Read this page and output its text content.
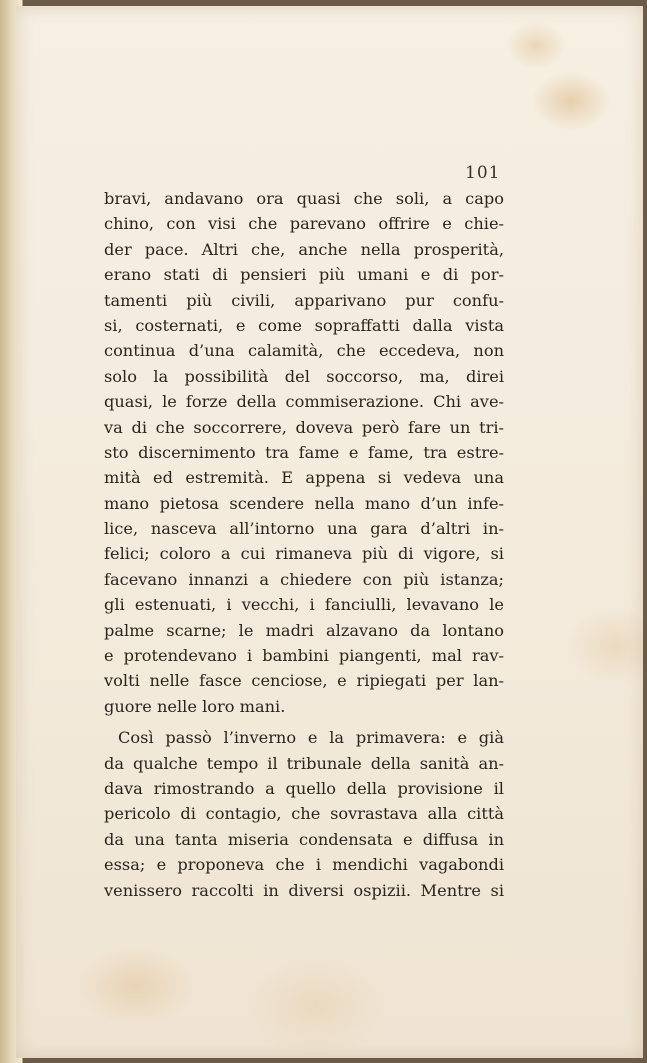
101
bravi, andavano ora quasi che soli, a capo
chino, con visi che parevano offrire e chie-
der pace. Altri che, anche nella prosperità,
erano stati di pensieri più umani e di por-
tamenti più civili, apparivano pur confu-
si, costernati, e come sopraffatti dalla vista
continua d’una calamità, che eccedeva, non
solo la possibilità del soccorso, ma, direi
quasi, le forze della commiserazione. Chi ave-
va di che soccorrere, doveva però fare un tri-
sto discernimento tra fame e fame, tra estre-
mità ed estremità. E appena si vedeva una
mano pietosa scendere nella mano d’un infe-
lice, nasceva all’intorno una gara d’altri in-
felici; coloro a cui rimaneva più di vigore, si
facevano innanzi a chiedere con più istanza;
gli estenuati, i vecchi, i fanciulli, levavano le
palme scarne; le madri alzavano da lontano
e protendevano i bambini piangenti, mal rav-
volti nelle fasce cenciose, e ripiegati per lan-
guore nelle loro mani.
Così passò l’inverno e la primavera: e già
da qualche tempo il tribunale della sanità an-
dava rimostrando a quello della provisione il
pericolo di contagio, che sovrastava alla città
da una tanta miseria condensata e diffusa in
essa; e proponeva che i mendichi vagabondi
venissero raccolti in diversi ospizii. Mentre si
